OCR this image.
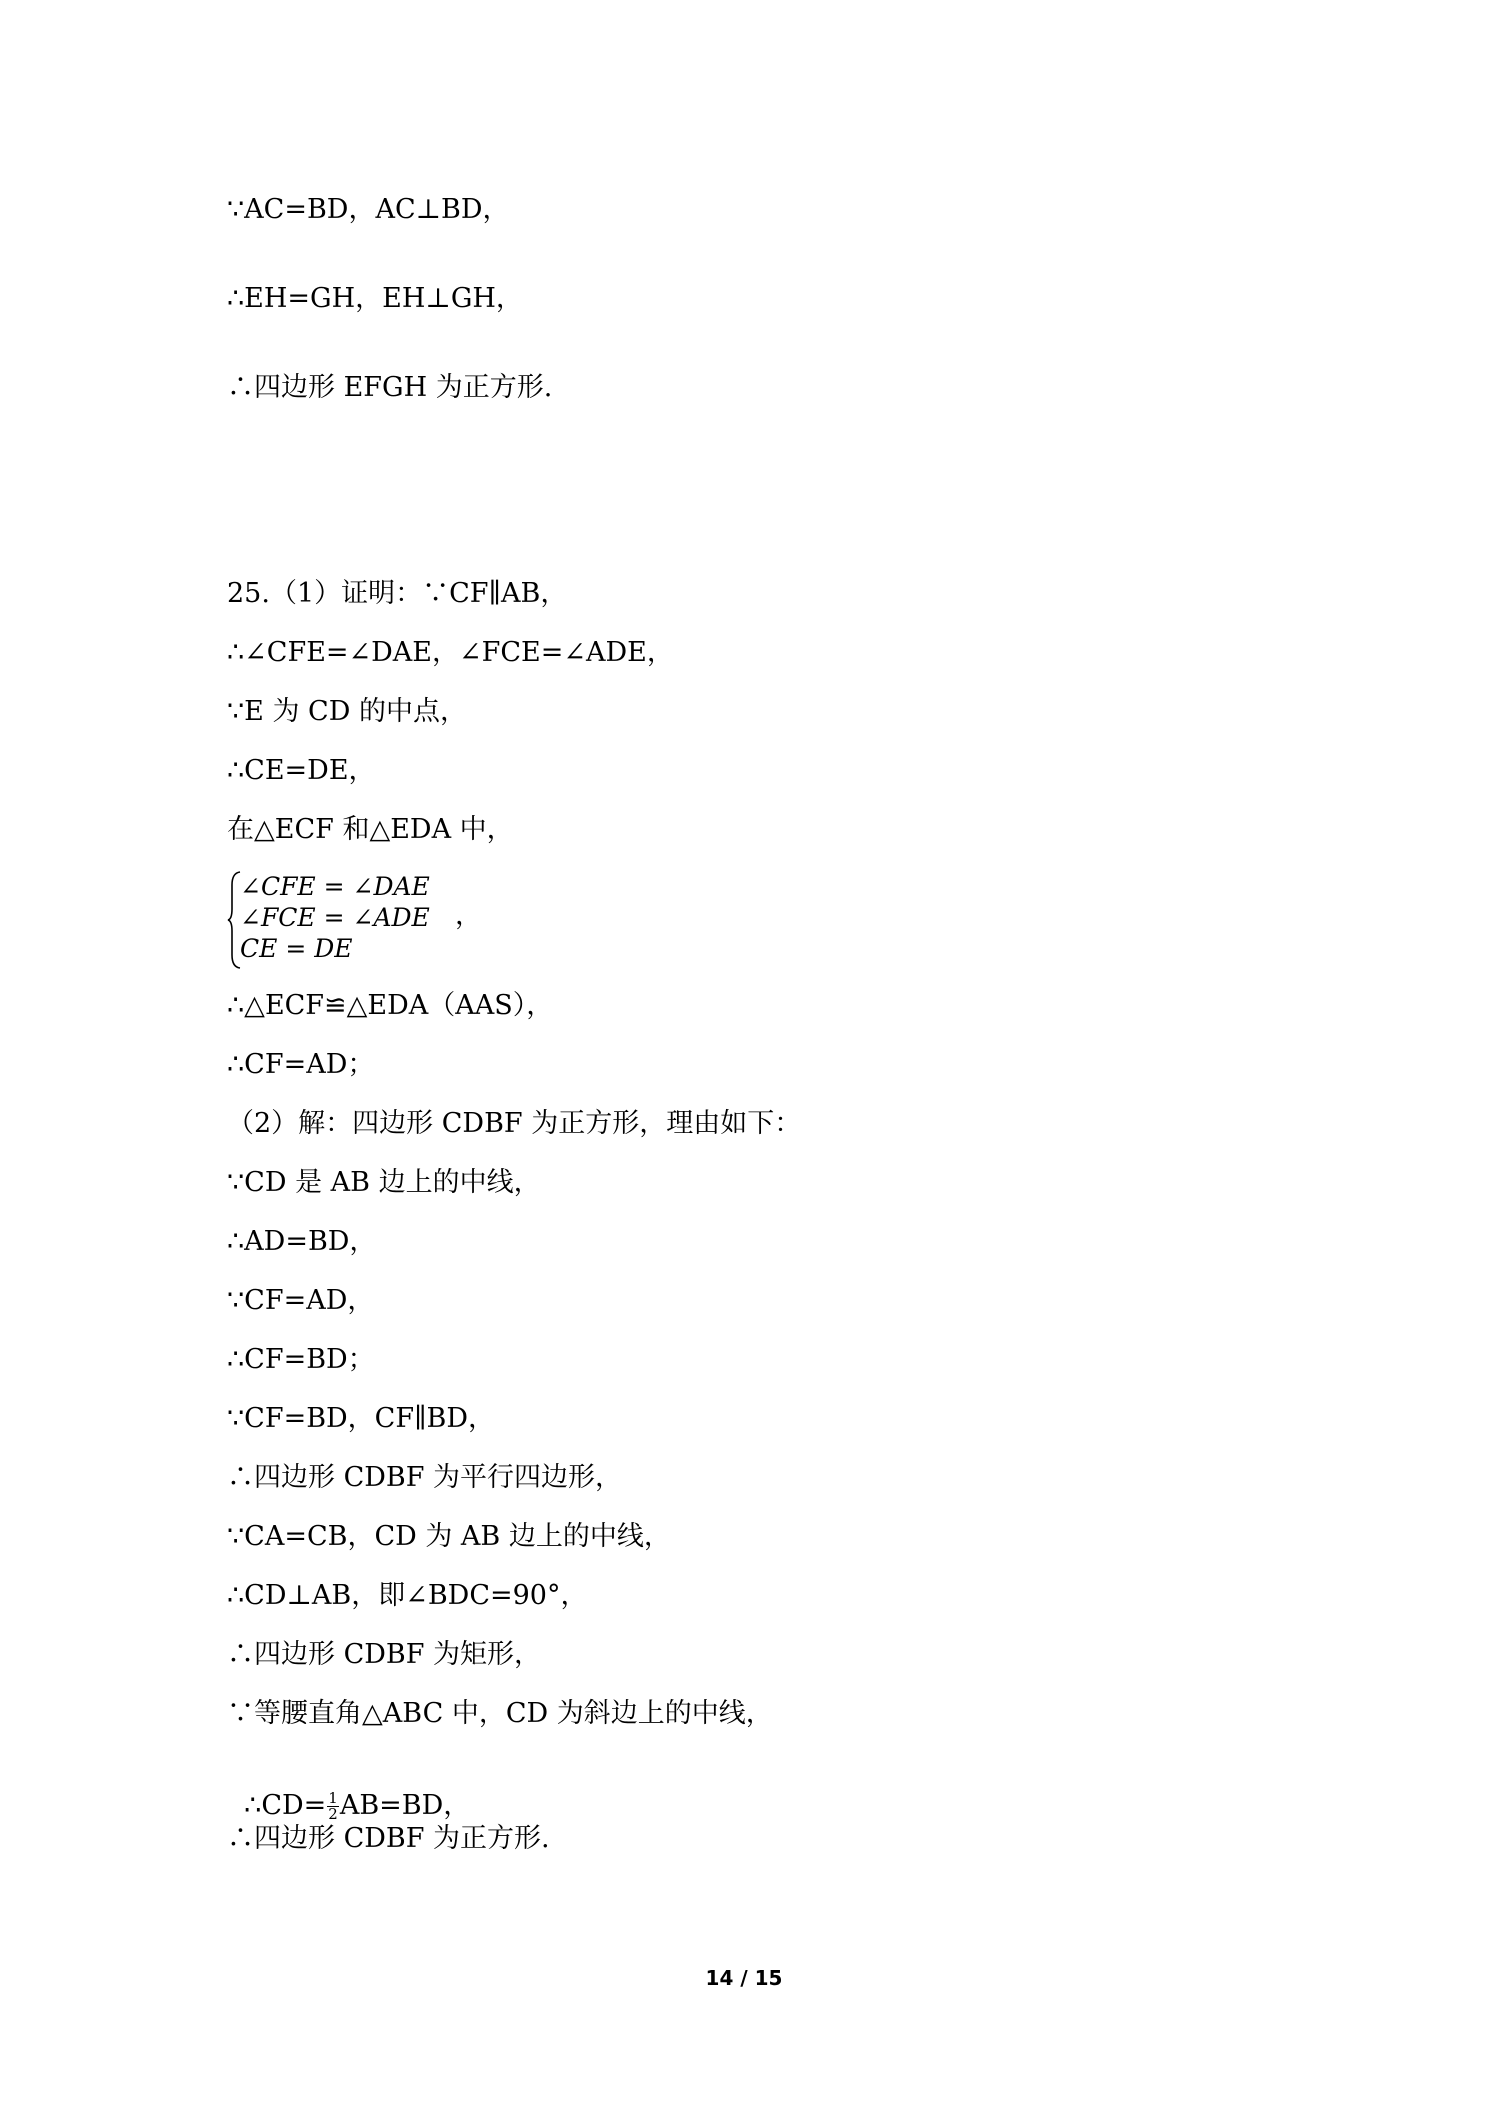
∵AC=BD，AC⊥BD，
∴EH=GH，EH⊥GH，
∴四边形 EFGH 为正方形.
25.（1）证明：∵CF∥AB，
∴∠CFE=∠DAE，∠FCE=∠ADE，
∵E 为 CD 的中点，
∴CE=DE，
在△ECF 和△EDA 中，
∠CFE = ∠DAE
∠FCE = ∠ADE
CE = DE
，
∴△ECF≌△EDA（AAS），
∴CF=AD；
（2）解：四边形 CDBF 为正方形，理由如下：
∵CD 是 AB 边上的中线，
∴AD=BD，
∵CF=AD，
∴CF=BD；
∵CF=BD，CF∥BD，
∴四边形 CDBF 为平行四边形，
∵CA=CB，CD 为 AB 边上的中线，
∴CD⊥AB，即∠BDC=90°，
∴四边形 CDBF 为矩形，
∵等腰直角△ABC 中，CD 为斜边上的中线，

∴CD= $\frac{1}{2} AB=BD$，

∴四边形 CDBF 为正方形.
14 / 15
